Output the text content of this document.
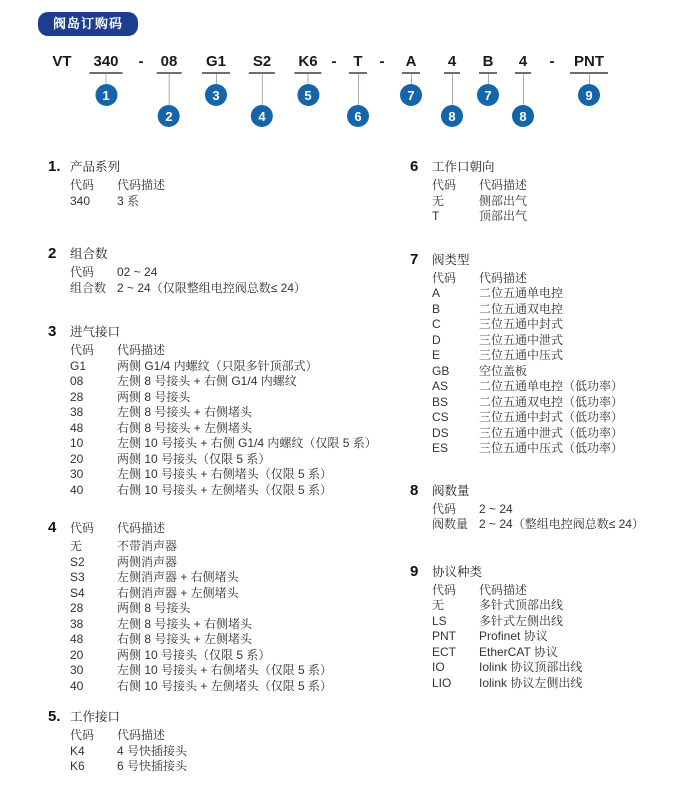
阀岛订购码
VT 340
1
- 08
2
G1
3
S2
4
K6
5
- T
6
- A
7
4
8
B
7
4
8
- PNT
9
1. 产品系列
代码	代码描述
340	3 系
2	组合数
代码	02 ~ 24
组合数 2 ~ 24（仅限整组电控阀总数≤ 24）
3	进气接口
代码	代码描述
G1	两侧 G1/4 内螺纹（只限多针顶部式）
08	左侧 8 号接头 + 右侧 G1/4 内螺纹
28	两侧 8 号接头
38	左侧 8 号接头 + 右侧堵头
48	右侧 8 号接头 + 左侧堵头
10	左侧 10 号接头 + 右侧 G1/4 内螺纹（仅限 5 系）
20	两侧 10 号接头（仅限 5 系）
30	左侧 10 号接头 + 右侧堵头（仅限 5 系）
40	右侧 10 号接头 + 左侧堵头（仅限 5 系）
4	代码	代码描述
无	不带消声器
S2	两侧消声器
S3	左侧消声器 + 右侧堵头
S4	右侧消声器 + 左侧堵头
28	两侧 8 号接头
38	左侧 8 号接头 + 右侧堵头
48	右侧 8 号接头 + 左侧堵头
20	两侧 10 号接头（仅限 5 系）
30	左侧 10 号接头 + 右侧堵头（仅限 5 系）
40	右侧 10 号接头 + 左侧堵头（仅限 5 系）
5. 工作接口
代码	代码描述
K4	4 号快插接头
K6	6 号快插接头
6	工作口朝向
代码	代码描述
无	侧部出气
T	顶部出气
7	阀类型
代码	代码描述
A	二位五通单电控
B	二位五通双电控
C	三位五通中封式
D	三位五通中泄式
E	三位五通中压式
GB	空位盖板
AS	二位五通单电控（低功率）
BS	二位五通双电控（低功率）
CS	三位五通中封式（低功率）
DS	三位五通中泄式（低功率）
ES	三位五通中压式（低功率）
8	阀数量
代码	2 ~ 24
阀数量 2 ~ 24（整组电控阀总数≤ 24）
9	协议种类
代码	代码描述
无	多针式顶部出线
LS	多针式左侧出线
PNT	Profinet 协议
ECT	EtherCAT 协议
IO	Iolink 协议顶部出线
LIO	Iolink 协议左侧出线
